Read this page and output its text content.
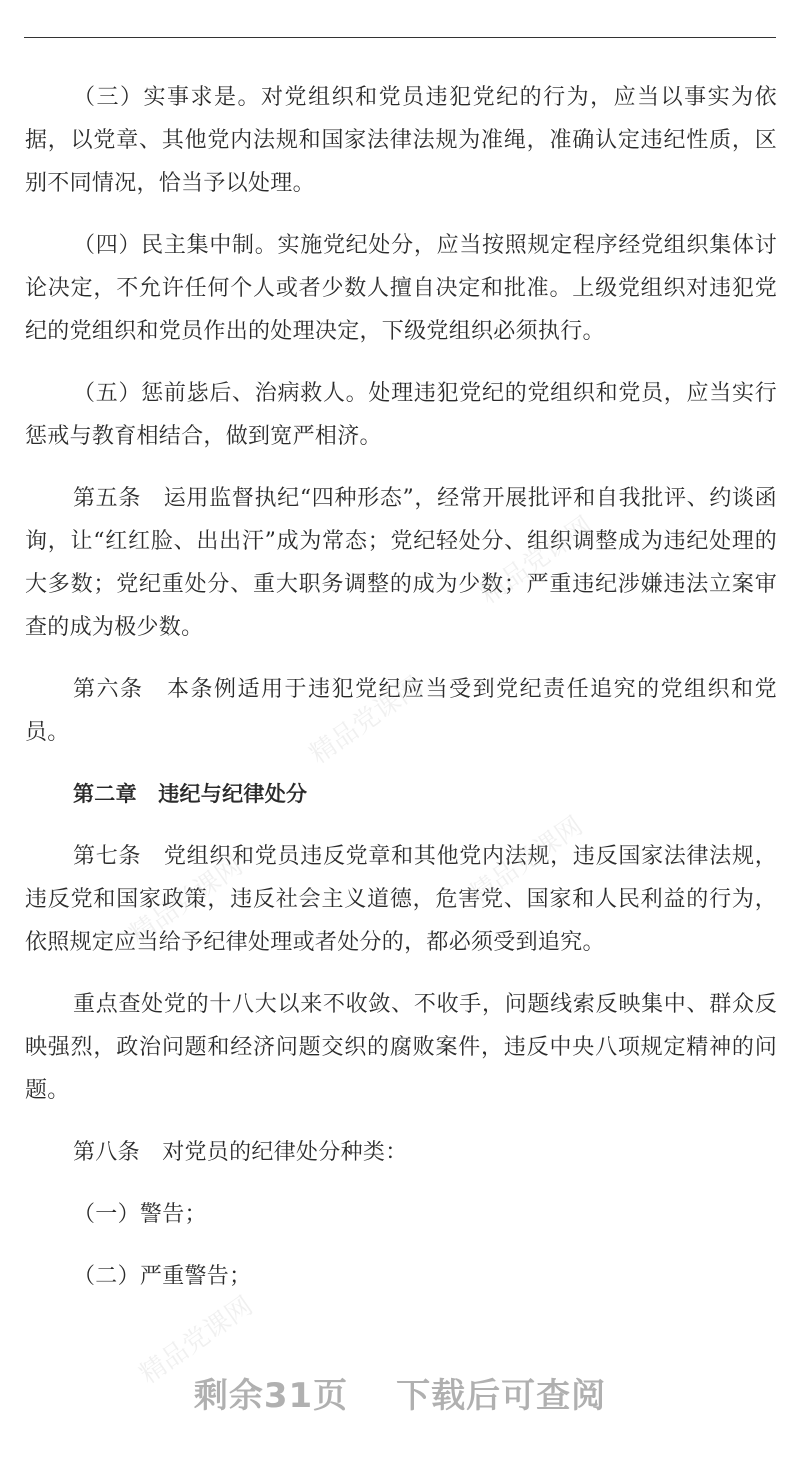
（三）实事求是。对党组织和党员违犯党纪的行为，应当以事实为依据，以党章、其他党内法规和国家法律法规为准绳，准确认定违纪性质，区别不同情况，恰当予以处理。

（四）民主集中制。实施党纪处分，应当按照规定程序经党组织集体讨论决定，不允许任何个人或者少数人擅自决定和批准。上级党组织对违犯党纪的党组织和党员作出的处理决定，下级党组织必须执行。

（五）惩前毖后、治病救人。处理违犯党纪的党组织和党员，应当实行惩戒与教育相结合，做到宽严相济。

第五条　运用监督执纪“四种形态”，经常开展批评和自我批评、约谈函询，让“红红脸、出出汗”成为常态；党纪轻处分、组织调整成为违纪处理的大多数；党纪重处分、重大职务调整的成为少数；严重违纪涉嫌违法立案审查的成为极少数。

第六条　本条例适用于违犯党纪应当受到党纪责任追究的党组织和党员。

第二章　违纪与纪律处分

第七条　党组织和党员违反党章和其他党内法规，违反国家法律法规，违反党和国家政策，违反社会主义道德，危害党、国家和人民利益的行为，依照规定应当给予纪律处理或者处分的，都必须受到追究。

重点查处党的十八大以来不收敛、不收手，问题线索反映集中、群众反映强烈，政治问题和经济问题交织的腐败案件，违反中央八项规定精神的问题。

第八条　对党员的纪律处分种类：

（一）警告；

（二）严重警告；

精品党课网
精品党课网
精品党课网
精品党课网
精品党课网
剩余31页 下载后可查阅
